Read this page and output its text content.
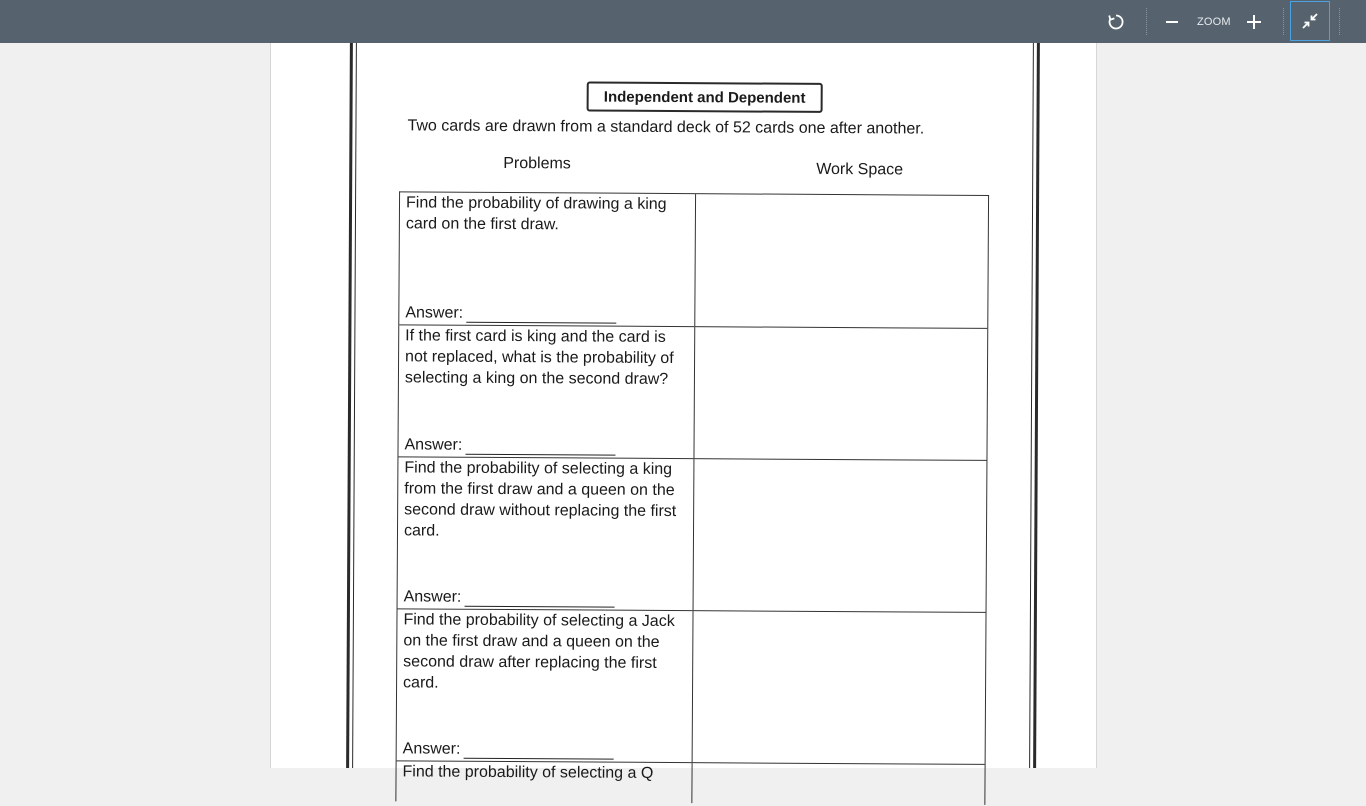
ZOOM
Independent and Dependent
Two cards are drawn from a standard deck of 52 cards one after another.
Problems	Work Space
Find the probability of drawing a king card on the first draw.
Answer:
If the first card is king and the card is not replaced, what is the probability of selecting a king on the second draw?
Answer:
Find the probability of selecting a king from the first draw and a queen on the second draw without replacing the first card.
Answer:
Find the probability of selecting a Jack on the first draw and a queen on the second draw after replacing the first card.
Answer:
Find the probability of selecting a Q
